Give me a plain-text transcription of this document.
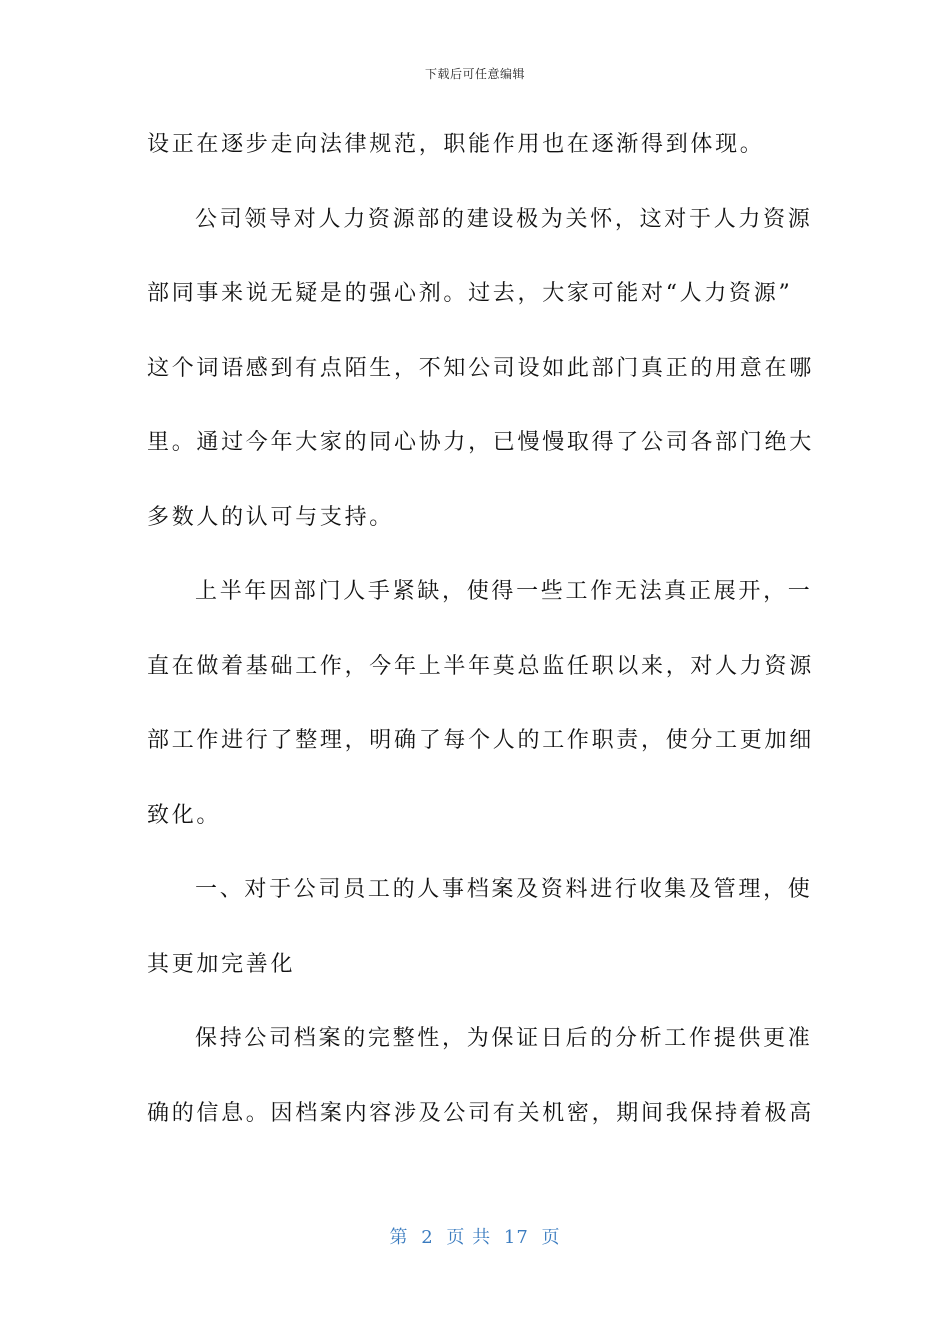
下载后可任意编辑
设正在逐步走向法律规范，职能作用也在逐渐得到体现。
公司领导对人力资源部的建设极为关怀，这对于人力资源
部同事来说无疑是的强心剂。过去，大家可能对“人力资源”
这个词语感到有点陌生，不知公司设如此部门真正的用意在哪
里。通过今年大家的同心协力，已慢慢取得了公司各部门绝大
多数人的认可与支持。
上半年因部门人手紧缺，使得一些工作无法真正展开，一
直在做着基础工作，今年上半年莫总监任职以来，对人力资源
部工作进行了整理，明确了每个人的工作职责，使分工更加细
致化。
一、对于公司员工的人事档案及资料进行收集及管理，使
其更加完善化
保持公司档案的完整性，为保证日后的分析工作提供更准
确的信息。因档案内容涉及公司有关机密，期间我保持着极高
第 2 页 共 17 页
